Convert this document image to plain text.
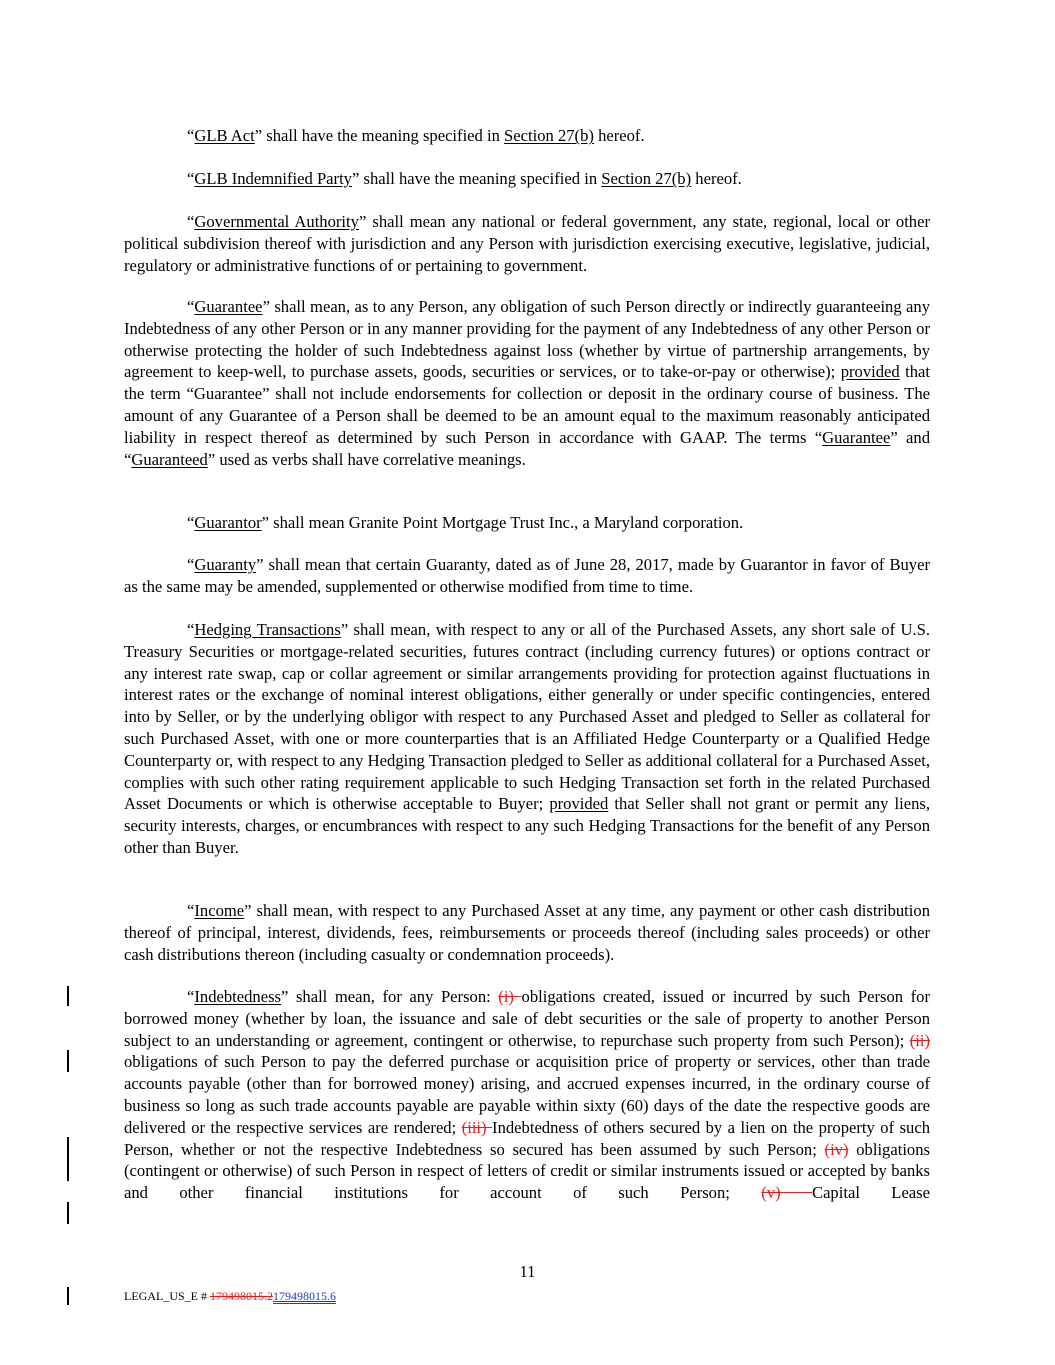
“GLB Act” shall have the meaning specified in Section 27(b) hereof.

“GLB Indemnified Party” shall have the meaning specified in Section 27(b) hereof.

“Governmental Authority” shall mean any national or federal government, any state, regional, local or other political subdivision thereof with jurisdiction and any Person with jurisdiction exercising executive, legislative, judicial, regulatory or administrative functions of or pertaining to government.

“Guarantee” shall mean, as to any Person, any obligation of such Person directly or indirectly guaranteeing any Indebtedness of any other Person or in any manner providing for the payment of any Indebtedness of any other Person or otherwise protecting the holder of such Indebtedness against loss (whether by virtue of partnership arrangements, by agreement to keep-well, to purchase assets, goods, securities or services, or to take-or-pay or otherwise); provided that the term “Guarantee” shall not include endorsements for collection or deposit in the ordinary course of business. The amount of any Guarantee of a Person shall be deemed to be an amount equal to the maximum reasonably anticipated liability in respect thereof as determined by such Person in accordance with GAAP. The terms “Guarantee” and “Guaranteed” used as verbs shall have correlative meanings.

“Guarantor” shall mean Granite Point Mortgage Trust Inc., a Maryland corporation.

“Guaranty” shall mean that certain Guaranty, dated as of June 28, 2017, made by Guarantor in favor of Buyer as the same may be amended, supplemented or otherwise modified from time to time.

“Hedging Transactions” shall mean, with respect to any or all of the Purchased Assets, any short sale of U.S. Treasury Securities or mortgage-related securities, futures contract (including currency futures) or options contract or any interest rate swap, cap or collar agreement or similar arrangements providing for protection against fluctuations in interest rates or the exchange of nominal interest obligations, either generally or under specific contingencies, entered into by Seller, or by the underlying obligor with respect to any Purchased Asset and pledged to Seller as collateral for such Purchased Asset, with one or more counterparties that is an Affiliated Hedge Counterparty or a Qualified Hedge Counterparty or, with respect to any Hedging Transaction pledged to Seller as additional collateral for a Purchased Asset, complies with such other rating requirement applicable to such Hedging Transaction set forth in the related Purchased Asset Documents or which is otherwise acceptable to Buyer; provided that Seller shall not grant or permit any liens, security interests, charges, or encumbrances with respect to any such Hedging Transactions for the benefit of any Person other than Buyer.

“Income” shall mean, with respect to any Purchased Asset at any time, any payment or other cash distribution thereof of principal, interest, dividends, fees, reimbursements or proceeds thereof (including sales proceeds) or other cash distributions thereon (including casualty or condemnation proceeds).

“Indebtedness” shall mean, for any Person: (i) obligations created, issued or incurred by such Person for borrowed money (whether by loan, the issuance and sale of debt securities or the sale of property to another Person subject to an understanding or agreement, contingent or otherwise, to repurchase such property from such Person); (ii) obligations of such Person to pay the deferred purchase or acquisition price of property or services, other than trade accounts payable (other than for borrowed money) arising, and accrued expenses incurred, in the ordinary course of business so long as such trade accounts payable are payable within sixty (60) days of the date the respective goods are delivered or the respective services are rendered; (iii) Indebtedness of others secured by a lien on the property of such Person, whether or not the respective Indebtedness so secured has been assumed by such Person; (iv) obligations (contingent or otherwise) of such Person in respect of letters of credit or similar instruments issued or accepted by banks and other financial institutions for account of such Person; (v) Capital Lease

11
LEGAL_US_E # 179498015.2179498015.6
